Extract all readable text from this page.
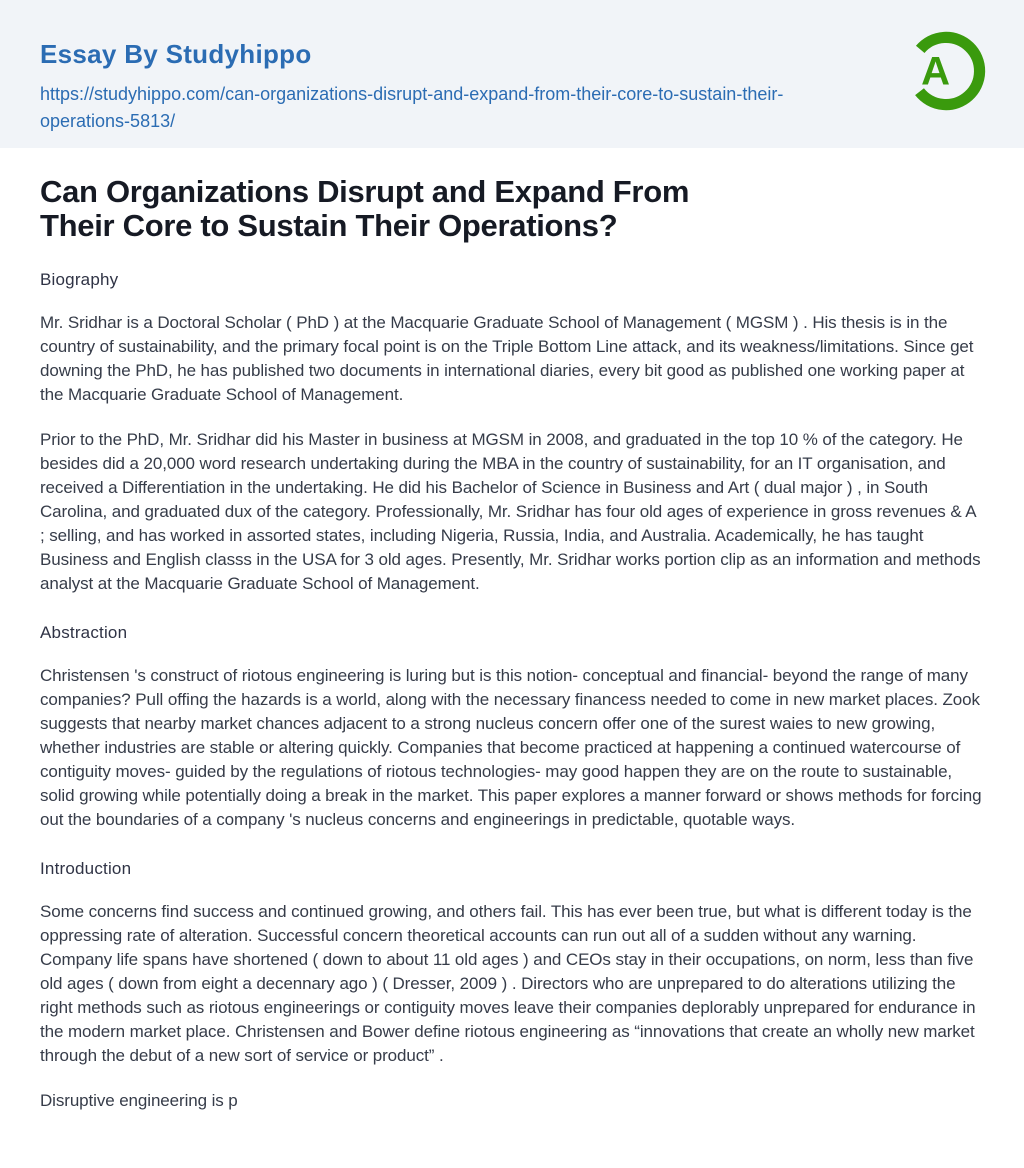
Essay By Studyhippo
https://studyhippo.com/can-organizations-disrupt-and-expand-from-their-core-to-sustain-their-operations-5813/
A
Can Organizations Disrupt and Expand From
Their Core to Sustain Their Operations?
Biography

Mr. Sridhar is a Doctoral Scholar ( PhD ) at the Macquarie Graduate School of Management ( MGSM ) . His thesis is in the country of sustainability, and the primary focal point is on the Triple Bottom Line attack, and its weakness/limitations. Since get downing the PhD, he has published two documents in international diaries, every bit good as published one working paper at the Macquarie Graduate School of Management.

Prior to the PhD, Mr. Sridhar did his Master in business at MGSM in 2008, and graduated in the top 10 % of the category. He besides did a 20,000 word research undertaking during the MBA in the country of sustainability, for an IT organisation, and received a Differentiation in the undertaking. He did his Bachelor of Science in Business and Art ( dual major ) , in South Carolina, and graduated dux of the category. Professionally, Mr. Sridhar has four old ages of experience in gross revenues & A ; selling, and has worked in assorted states, including Nigeria, Russia, India, and Australia. Academically, he has taught Business and English classs in the USA for 3 old ages. Presently, Mr. Sridhar works portion clip as an information and methods analyst at the Macquarie Graduate School of Management.

Abstraction

Christensen 's construct of riotous engineering is luring but is this notion- conceptual and financial- beyond the range of many companies? Pull offing the hazards is a world, along with the necessary financess needed to come in new market places. Zook suggests that nearby market chances adjacent to a strong nucleus concern offer one of the surest waies to new growing, whether industries are stable or altering quickly. Companies that become practiced at happening a continued watercourse of contiguity moves- guided by the regulations of riotous technologies- may good happen they are on the route to sustainable, solid growing while potentially doing a break in the market. This paper explores a manner forward or shows methods for forcing out the boundaries of a company 's nucleus concerns and engineerings in predictable, quotable ways.

Introduction

Some concerns find success and continued growing, and others fail. This has ever been true, but what is different today is the oppressing rate of alteration. Successful concern theoretical accounts can run out all of a sudden without any warning. Company life spans have shortened ( down to about 11 old ages ) and CEOs stay in their occupations, on norm, less than five old ages ( down from eight a decennary ago ) ( Dresser, 2009 ) . Directors who are unprepared to do alterations utilizing the right methods such as riotous engineerings or contiguity moves leave their companies deplorably unprepared for endurance in the modern market place. Christensen and Bower define riotous engineering as “innovations that create an wholly new market through the debut of a new sort of service or product” .

Disruptive engineering is p
